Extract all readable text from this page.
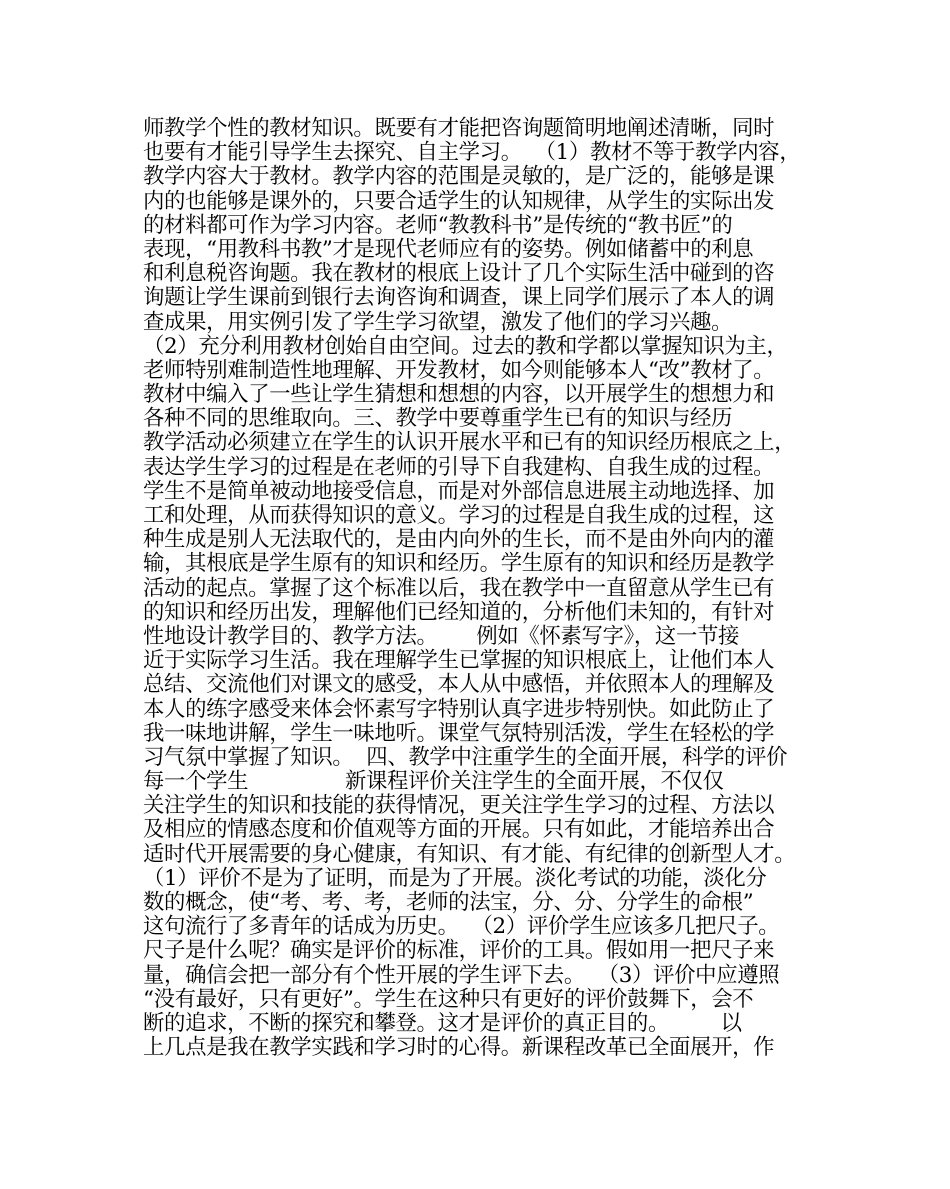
师教学个性的教材知识。既要有才能把咨询题简明地阐述清晰，同时
也要有才能引导学生去探究、自主学习。  （1）教材不等于教学内容，
教学内容大于教材。教学内容的范围是灵敏的，是广泛的，能够是课
内的也能够是课外的，只要合适学生的认知规律，从学生的实际出发
的材料都可作为学习内容。老师“教教科书”是传统的“教书匠”的
表现，“用教科书教”才是现代老师应有的姿势。例如储蓄中的利息
和利息税咨询题。我在教材的根底上设计了几个实际生活中碰到的咨
询题让学生课前到银行去询咨询和调查，课上同学们展示了本人的调
查成果，用实例引发了学生学习欲望，激发了他们的学习兴趣。
（2）充分利用教材创始自由空间。过去的教和学都以掌握知识为主，
老师特别难制造性地理解、开发教材，如今则能够本人“改”教材了。
教材中编入了一些让学生猜想和想想的内容，以开展学生的想想力和
各种不同的思维取向。三、教学中要尊重学生已有的知识与经历
教学活动必须建立在学生的认识开展水平和已有的知识经历根底之上，
表达学生学习的过程是在老师的引导下自我建构、自我生成的过程。
学生不是简单被动地接受信息，而是对外部信息进展主动地选择、加
工和处理，从而获得知识的意义。学习的过程是自我生成的过程，这
种生成是别人无法取代的，是由内向外的生长，而不是由外向内的灌
输，其根底是学生原有的知识和经历。学生原有的知识和经历是教学
活动的起点。掌握了这个标准以后，我在教学中一直留意从学生已有
的知识和经历出发，理解他们已经知道的，分析他们未知的，有针对
性地设计教学目的、教学方法。      例如《怀素写字》，这一节接
近于实际学习生活。我在理解学生已掌握的知识根底上，让他们本人
总结、交流他们对课文的感受，本人从中感悟，并依照本人的理解及
本人的练字感受来体会怀素写字特别认真字进步特别快。如此防止了
我一味地讲解，学生一味地听。课堂气氛特别活泼，学生在轻松的学
习气氛中掌握了知识。  四、教学中注重学生的全面开展，科学的评价
每一个学生               新课程评价关注学生的全面开展，不仅仅
关注学生的知识和技能的获得情况，更关注学生学习的过程、方法以
及相应的情感态度和价值观等方面的开展。只有如此，才能培养出合
适时代开展需要的身心健康，有知识、有才能、有纪律的创新型人才。
（1）评价不是为了证明，而是为了开展。淡化考试的功能，淡化分
数的概念，使“考、考、考，老师的法宝，分、分、分学生的命根”
这句流行了多青年的话成为历史。  （2）评价学生应该多几把尺子。
尺子是什么呢？确实是评价的标准，评价的工具。假如用一把尺子来
量，确信会把一部分有个性开展的学生评下去。  （3）评价中应遵照
“没有最好，只有更好”。学生在这种只有更好的评价鼓舞下，会不
断的追求，不断的探究和攀登。这才是评价的真正目的。        以
上几点是我在教学实践和学习时的心得。新课程改革已全面展开，作
